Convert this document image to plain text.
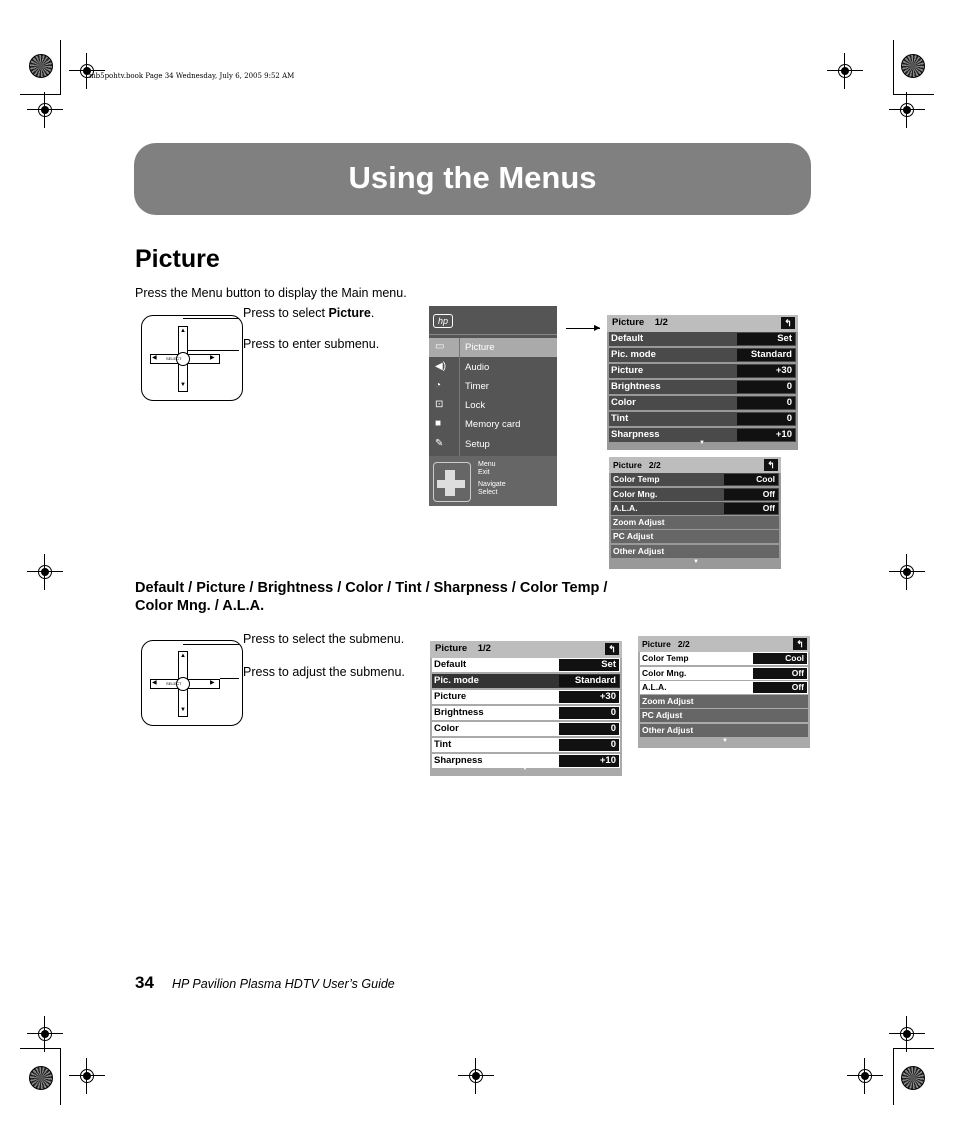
mb5pohtv.book Page 34 Wednesday, July 6, 2005 9:52 AM
Using the Menus
Picture
Press the Menu button to display the Main menu.
SELECT
▲
▼
◀	▶
Press to select Picture.
Press to enter submenu.
hp
▭	Picture
◀)	Audio
◔	Timer
⊡	Lock
■	Memory card
✎	Setup
Menu
Exit
Navigate
Select
▶ Picture    1/2	↰
Default	Set
Pic. mode	Standard
Picture	+30
Brightness	0
Color	0
Tint	0
Sharpness	+10
▼
Picture   2/2	↰
Color Temp	Cool
Color Mng.	Off
A.L.A.	Off
Zoom Adjust
PC Adjust
Other Adjust
▼
Default / Picture / Brightness / Color / Tint / Sharpness / Color Temp /
Color Mng. / A.L.A.
SELECT
▲
▼
◀	▶
Press to select the submenu.
Press to adjust the submenu.
Picture    1/2	↰
Default	Set
Pic. mode	Standard
Picture	+30
Brightness	0
Color	0
Tint	0
Sharpness	+10
▼
Picture   2/2	↰
Color Temp	Cool
Color Mng.	Off
A.L.A.	Off
Zoom Adjust
PC Adjust
Other Adjust
▼
34 HP Pavilion Plasma HDTV User’s Guide
